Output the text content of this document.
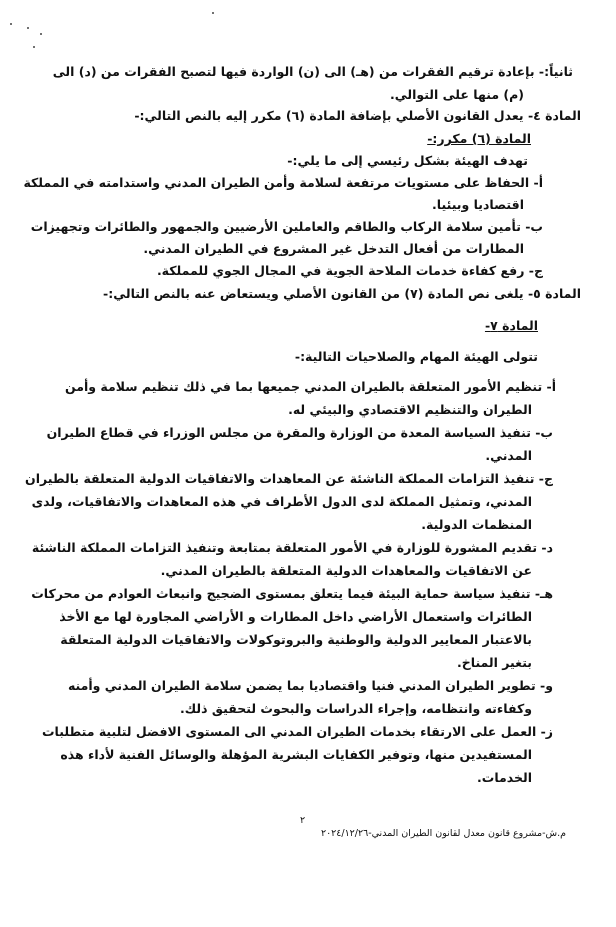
ثانياً:- بإعادة ترقيم الفقرات من (هـ) الى (ن) الواردة فيها لتصبح الفقرات من (د) الى
(م) منها على التوالي.
المادة ٤- يعدل القانون الأصلي بإضافة المادة (٦) مكرر إليه بالنص التالي:-
المادة (٦) مكرر:-
تهدف الهيئة بشكل رئيسي إلى ما يلي:-
أ- الحفاظ على مستويات مرتفعة لسلامة وأمن الطيران المدني واستدامته في المملكة
اقتصاديا وبيئيا.
ب- تأمين سلامة الركاب والطاقم والعاملين الأرضيين والجمهور والطائرات وتجهيزات
المطارات من أفعال التدخل غير المشروع في الطيران المدني.
ج- رفع كفاءة خدمات الملاحة الجوية في المجال الجوي للمملكة.
المادة ٥- يلغى نص المادة (٧) من القانون الأصلي ويستعاض عنه بالنص التالي:-
المادة ٧-
تتولى الهيئة المهام والصلاحيات التالية:-
أ- تنظيم الأمور المتعلقة بالطيران المدني جميعها بما في ذلك تنظيم سلامة وأمن
الطيران والتنظيم الاقتصادي والبيئي له.
ب- تنفيذ السياسة المعدة من الوزارة والمقرة من مجلس الوزراء في قطاع الطيران
المدني.
ج- تنفيذ التزامات المملكة الناشئة عن المعاهدات والاتفاقيات الدولية المتعلقة بالطيران
المدني، وتمثيل المملكة لدى الدول الأطراف في هذه المعاهدات والاتفاقيات، ولدى
المنظمات الدولية.
د- تقديم المشورة للوزارة في الأمور المتعلقة بمتابعة وتنفيذ التزامات المملكة الناشئة
عن الاتفاقيات والمعاهدات الدولية المتعلقة بالطيران المدني.
هـ- تنفيذ سياسة حماية البيئة فيما يتعلق بمستوى الضجيج وانبعاث العوادم من محركات
الطائرات واستعمال الأراضي داخل المطارات و الأراضي المجاورة لها مع الأخذ
بالاعتبار المعايير الدولية والوطنية والبروتوكولات والاتفاقيات الدولية المتعلقة
بتغير المناخ.
و- تطوير الطيران المدني فنيا واقتصاديا بما يضمن سلامة الطيران المدني وأمنه
وكفاءته وانتظامه، وإجراء الدراسات والبحوث لتحقيق ذلك.
ز- العمل على الارتقاء بخدمات الطيران المدني الى المستوى الافضل لتلبية متطلبات
المستفيدين منها، وتوفير الكفايات البشرية المؤهلة والوسائل الفنية لأداء هذه
الخدمات.
٢
م.ش-مشروع قانون معدل لقانون الطيران المدني-٢٠٢٤/١٢/٢٦
